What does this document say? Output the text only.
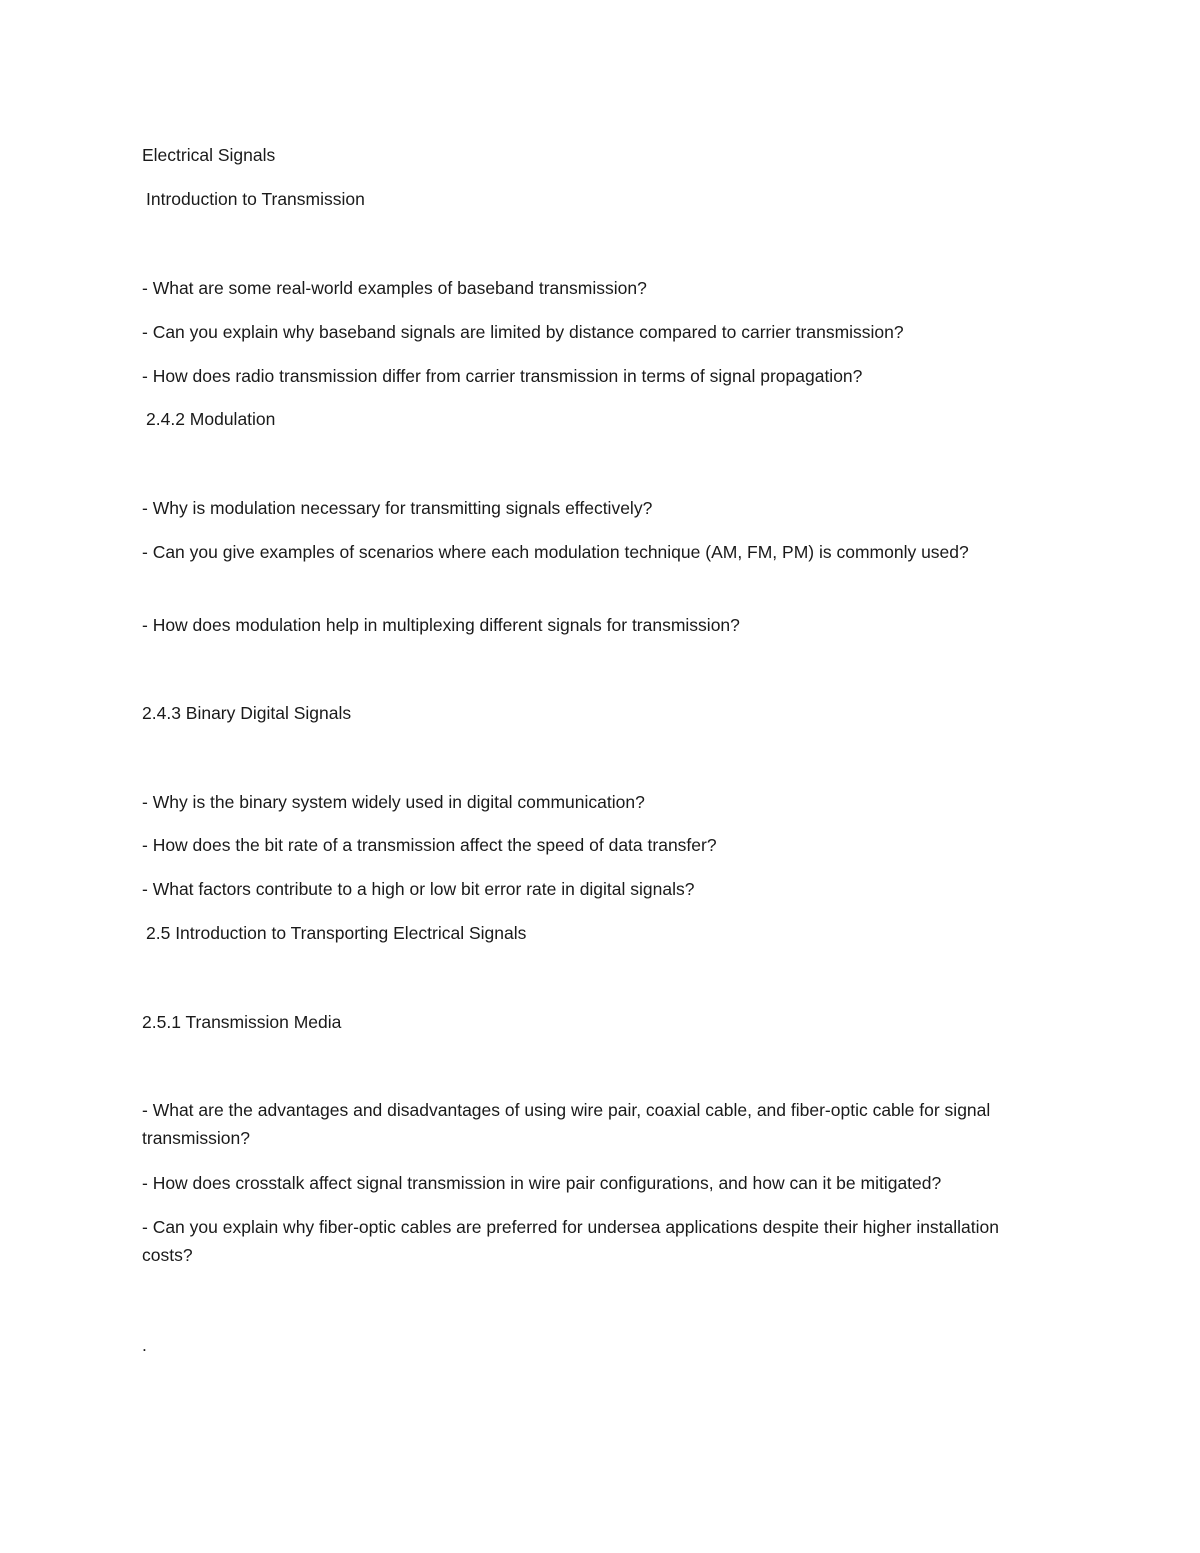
Electrical Signals

Introduction to Transmission

- What are some real-world examples of baseband transmission?

- Can you explain why baseband signals are limited by distance compared to carrier transmission?

- How does radio transmission differ from carrier transmission in terms of signal propagation?

2.4.2 Modulation

- Why is modulation necessary for transmitting signals effectively?

- Can you give examples of scenarios where each modulation technique (AM, FM, PM) is commonly used?

- How does modulation help in multiplexing different signals for transmission?

2.4.3 Binary Digital Signals

- Why is the binary system widely used in digital communication?

- How does the bit rate of a transmission affect the speed of data transfer?

- What factors contribute to a high or low bit error rate in digital signals?

2.5 Introduction to Transporting Electrical Signals

2.5.1 Transmission Media

- What are the advantages and disadvantages of using wire pair, coaxial cable, and fiber-optic cable for signal transmission?

- How does crosstalk affect signal transmission in wire pair configurations, and how can it be mitigated?

- Can you explain why fiber-optic cables are preferred for undersea applications despite their higher installation costs?

.
